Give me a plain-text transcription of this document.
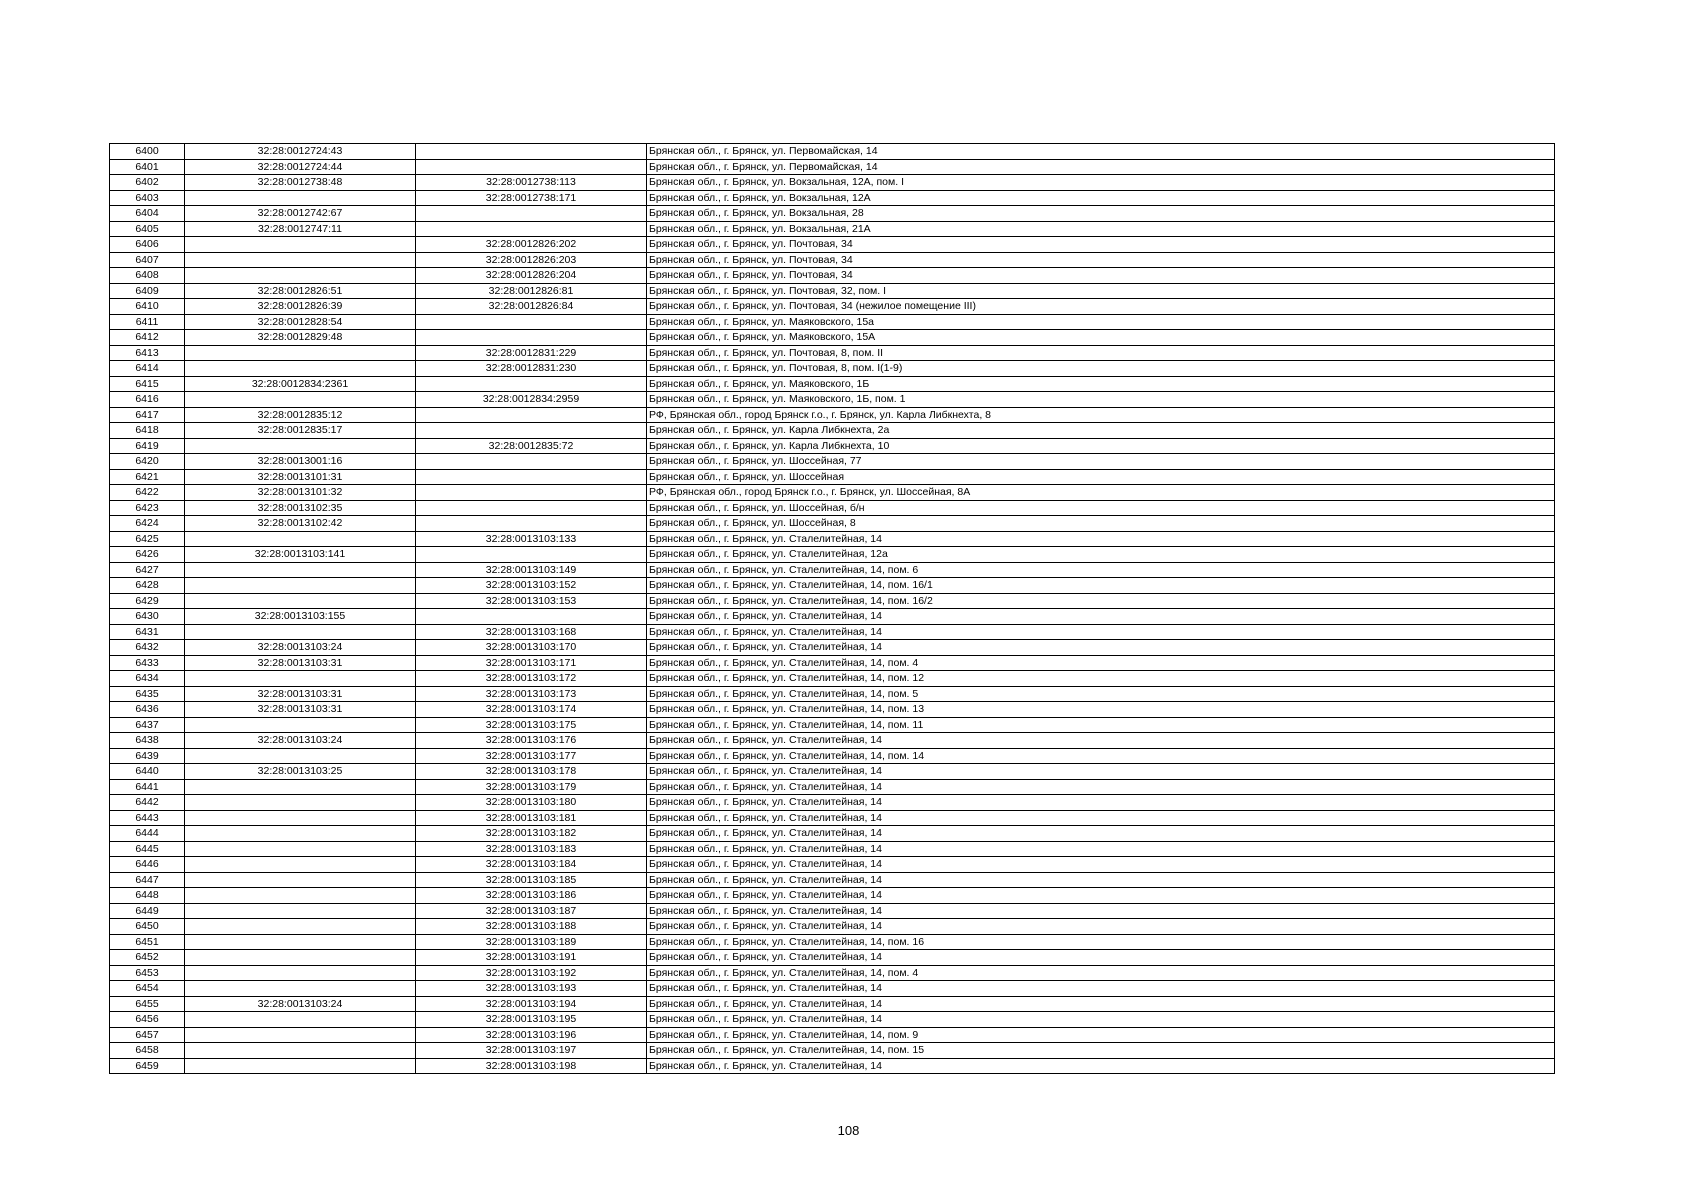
6400	32:28:0012724:43		Брянская обл., г. Брянск, ул. Первомайская, 14
6401	32:28:0012724:44		Брянская обл., г. Брянск, ул. Первомайская, 14
6402	32:28:0012738:48	32:28:0012738:113	Брянская обл., г. Брянск, ул. Вокзальная, 12А, пом. I
6403		32:28:0012738:171	Брянская обл., г. Брянск, ул. Вокзальная, 12А
6404	32:28:0012742:67		Брянская обл., г. Брянск, ул. Вокзальная, 28
6405	32:28:0012747:11		Брянская обл., г. Брянск, ул. Вокзальная, 21А
6406		32:28:0012826:202	Брянская обл., г. Брянск, ул. Почтовая, 34
6407		32:28:0012826:203	Брянская обл., г. Брянск, ул. Почтовая, 34
6408		32:28:0012826:204	Брянская обл., г. Брянск, ул. Почтовая, 34
6409	32:28:0012826:51	32:28:0012826:81	Брянская обл., г. Брянск, ул. Почтовая, 32, пом. I
6410	32:28:0012826:39	32:28:0012826:84	Брянская обл., г. Брянск, ул. Почтовая, 34 (нежилое помещение III)
6411	32:28:0012828:54		Брянская обл., г. Брянск, ул. Маяковского, 15а
6412	32:28:0012829:48		Брянская обл., г. Брянск, ул. Маяковского, 15А
6413		32:28:0012831:229	Брянская обл., г. Брянск, ул. Почтовая, 8, пом. II
6414		32:28:0012831:230	Брянская обл., г. Брянск, ул. Почтовая, 8, пом. I(1-9)
6415	32:28:0012834:2361		Брянская обл., г. Брянск, ул. Маяковского, 1Б
6416		32:28:0012834:2959	Брянская обл., г. Брянск, ул. Маяковского, 1Б, пом. 1
6417	32:28:0012835:12		РФ, Брянская обл., город Брянск г.о., г. Брянск, ул. Карла Либкнехта, 8
6418	32:28:0012835:17		Брянская обл., г. Брянск, ул. Карла Либкнехта, 2а
6419		32:28:0012835:72	Брянская обл., г. Брянск, ул. Карла Либкнехта, 10
6420	32:28:0013001:16		Брянская обл., г. Брянск, ул. Шоссейная, 77
6421	32:28:0013101:31		Брянская обл., г. Брянск, ул. Шоссейная
6422	32:28:0013101:32		РФ, Брянская обл., город Брянск г.о., г. Брянск, ул. Шоссейная, 8А
6423	32:28:0013102:35		Брянская обл., г. Брянск, ул. Шоссейная, б/н
6424	32:28:0013102:42		Брянская обл., г. Брянск, ул. Шоссейная, 8
6425		32:28:0013103:133	Брянская обл., г. Брянск, ул. Сталелитейная, 14
6426	32:28:0013103:141		Брянская обл., г. Брянск, ул. Сталелитейная, 12а
6427		32:28:0013103:149	Брянская обл., г. Брянск, ул. Сталелитейная, 14, пом. 6
6428		32:28:0013103:152	Брянская обл., г. Брянск, ул. Сталелитейная, 14, пом. 16/1
6429		32:28:0013103:153	Брянская обл., г. Брянск, ул. Сталелитейная, 14, пом. 16/2
6430	32:28:0013103:155		Брянская обл., г. Брянск, ул. Сталелитейная, 14
6431		32:28:0013103:168	Брянская обл., г. Брянск, ул. Сталелитейная, 14
6432	32:28:0013103:24	32:28:0013103:170	Брянская обл., г. Брянск, ул. Сталелитейная, 14
6433	32:28:0013103:31	32:28:0013103:171	Брянская обл., г. Брянск, ул. Сталелитейная, 14, пом. 4
6434		32:28:0013103:172	Брянская обл., г. Брянск, ул. Сталелитейная, 14, пом. 12
6435	32:28:0013103:31	32:28:0013103:173	Брянская обл., г. Брянск, ул. Сталелитейная, 14, пом. 5
6436	32:28:0013103:31	32:28:0013103:174	Брянская обл., г. Брянск, ул. Сталелитейная, 14, пом. 13
6437		32:28:0013103:175	Брянская обл., г. Брянск, ул. Сталелитейная, 14, пом. 11
6438	32:28:0013103:24	32:28:0013103:176	Брянская обл., г. Брянск, ул. Сталелитейная, 14
6439		32:28:0013103:177	Брянская обл., г. Брянск, ул. Сталелитейная, 14, пом. 14
6440	32:28:0013103:25	32:28:0013103:178	Брянская обл., г. Брянск, ул. Сталелитейная, 14
6441		32:28:0013103:179	Брянская обл., г. Брянск, ул. Сталелитейная, 14
6442		32:28:0013103:180	Брянская обл., г. Брянск, ул. Сталелитейная, 14
6443		32:28:0013103:181	Брянская обл., г. Брянск, ул. Сталелитейная, 14
6444		32:28:0013103:182	Брянская обл., г. Брянск, ул. Сталелитейная, 14
6445		32:28:0013103:183	Брянская обл., г. Брянск, ул. Сталелитейная, 14
6446		32:28:0013103:184	Брянская обл., г. Брянск, ул. Сталелитейная, 14
6447		32:28:0013103:185	Брянская обл., г. Брянск, ул. Сталелитейная, 14
6448		32:28:0013103:186	Брянская обл., г. Брянск, ул. Сталелитейная, 14
6449		32:28:0013103:187	Брянская обл., г. Брянск, ул. Сталелитейная, 14
6450		32:28:0013103:188	Брянская обл., г. Брянск, ул. Сталелитейная, 14
6451		32:28:0013103:189	Брянская обл., г. Брянск, ул. Сталелитейная, 14, пом. 16
6452		32:28:0013103:191	Брянская обл., г. Брянск, ул. Сталелитейная, 14
6453		32:28:0013103:192	Брянская обл., г. Брянск, ул. Сталелитейная, 14, пом. 4
6454		32:28:0013103:193	Брянская обл., г. Брянск, ул. Сталелитейная, 14
6455	32:28:0013103:24	32:28:0013103:194	Брянская обл., г. Брянск, ул. Сталелитейная, 14
6456		32:28:0013103:195	Брянская обл., г. Брянск, ул. Сталелитейная, 14
6457		32:28:0013103:196	Брянская обл., г. Брянск, ул. Сталелитейная, 14, пом. 9
6458		32:28:0013103:197	Брянская обл., г. Брянск, ул. Сталелитейная, 14, пом. 15
6459		32:28:0013103:198	Брянская обл., г. Брянск, ул. Сталелитейная, 14
108
